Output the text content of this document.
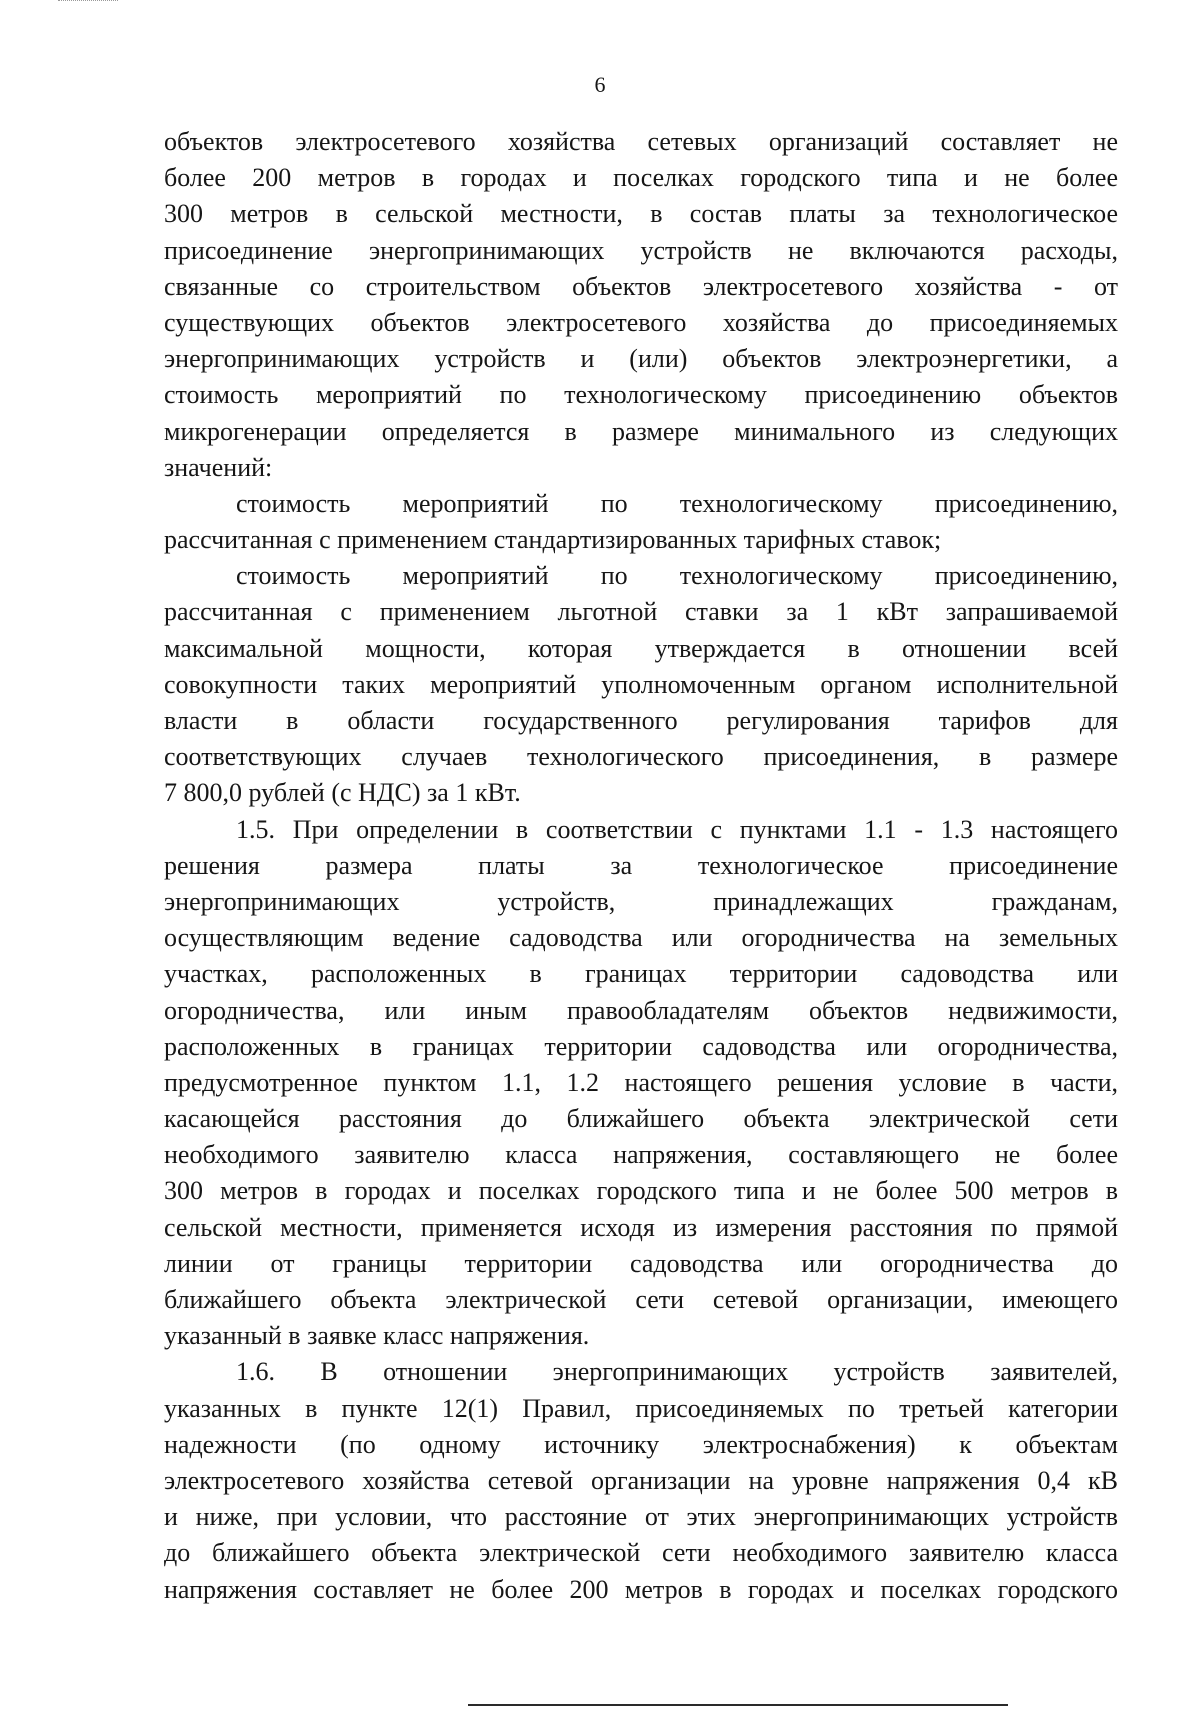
6
объектов электросетевого хозяйства сетевых организаций составляет не
более 200 метров в городах и поселках городского типа и не более
300 метров в сельской местности, в состав платы за технологическое
присоединение энергопринимающих устройств не включаются расходы,
связанные со строительством объектов электросетевого хозяйства - от
существующих объектов электросетевого хозяйства до присоединяемых
энергопринимающих устройств и (или) объектов электроэнергетики, а
стоимость мероприятий по технологическому присоединению объектов
микрогенерации определяется в размере минимального из следующих
значений:
стоимость мероприятий по технологическому присоединению,
рассчитанная с применением стандартизированных тарифных ставок;
стоимость мероприятий по технологическому присоединению,
рассчитанная с применением льготной ставки за 1 кВт запрашиваемой
максимальной мощности, которая утверждается в отношении всей
совокупности таких мероприятий уполномоченным органом исполнительной
власти в области государственного регулирования тарифов для
соответствующих случаев технологического присоединения, в размере
7 800,0 рублей (с НДС) за 1 кВт.
1.5. При определении в соответствии с пунктами 1.1 - 1.3 настоящего
решения размера платы за технологическое присоединение
энергопринимающих устройств, принадлежащих гражданам,
осуществляющим ведение садоводства или огородничества на земельных
участках, расположенных в границах территории садоводства или
огородничества, или иным правообладателям объектов недвижимости,
расположенных в границах территории садоводства или огородничества,
предусмотренное пунктом 1.1, 1.2 настоящего решения условие в части,
касающейся расстояния до ближайшего объекта электрической сети
необходимого заявителю класса напряжения, составляющего не более
300 метров в городах и поселках городского типа и не более 500 метров в
сельской местности, применяется исходя из измерения расстояния по прямой
линии от границы территории садоводства или огородничества до
ближайшего объекта электрической сети сетевой организации, имеющего
указанный в заявке класс напряжения.
1.6. В отношении энергопринимающих устройств заявителей,
указанных в пункте 12(1) Правил, присоединяемых по третьей категории
надежности (по одному источнику электроснабжения) к объектам
электросетевого хозяйства сетевой организации на уровне напряжения 0,4 кВ
и ниже, при условии, что расстояние от этих энергопринимающих устройств
до ближайшего объекта электрической сети необходимого заявителю класса
напряжения составляет не более 200 метров в городах и поселках городского
